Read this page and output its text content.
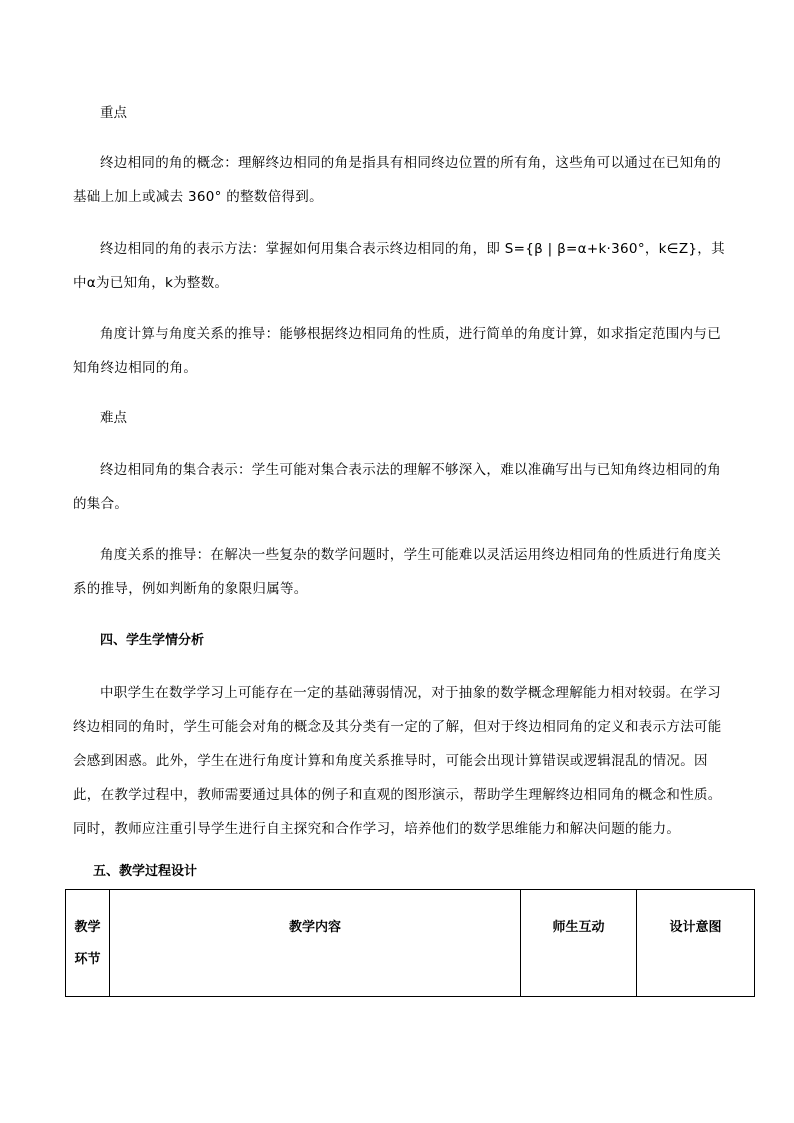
重点

终边相同的角的概念：理解终边相同的角是指具有相同终边位置的所有角，这些角可以通过在已知角的基础上加上或减去 360° 的整数倍得到。

终边相同的角的表示方法：掌握如何用集合表示终边相同的角，即 S={β | β=α+k·360°，k∈Z}，其中α为已知角，k为整数。

角度计算与角度关系的推导：能够根据终边相同角的性质，进行简单的角度计算，如求指定范围内与已知角终边相同的角。

难点

终边相同角的集合表示：学生可能对集合表示法的理解不够深入，难以准确写出与已知角终边相同的角的集合。

角度关系的推导：在解决一些复杂的数学问题时，学生可能难以灵活运用终边相同角的性质进行角度关系的推导，例如判断角的象限归属等。

四、学生学情分析

中职学生在数学学习上可能存在一定的基础薄弱情况，对于抽象的数学概念理解能力相对较弱。在学习终边相同的角时，学生可能会对角的概念及其分类有一定的了解，但对于终边相同角的定义和表示方法可能会感到困惑。此外，学生在进行角度计算和角度关系推导时，可能会出现计算错误或逻辑混乱的情况。因此，在教学过程中，教师需要通过具体的例子和直观的图形演示，帮助学生理解终边相同角的概念和性质。同时，教师应注重引导学生进行自主探究和合作学习，培养他们的数学思维能力和解决问题的能力。

五、教学过程设计

教学环节
	教学内容	师生互动	设计意图
